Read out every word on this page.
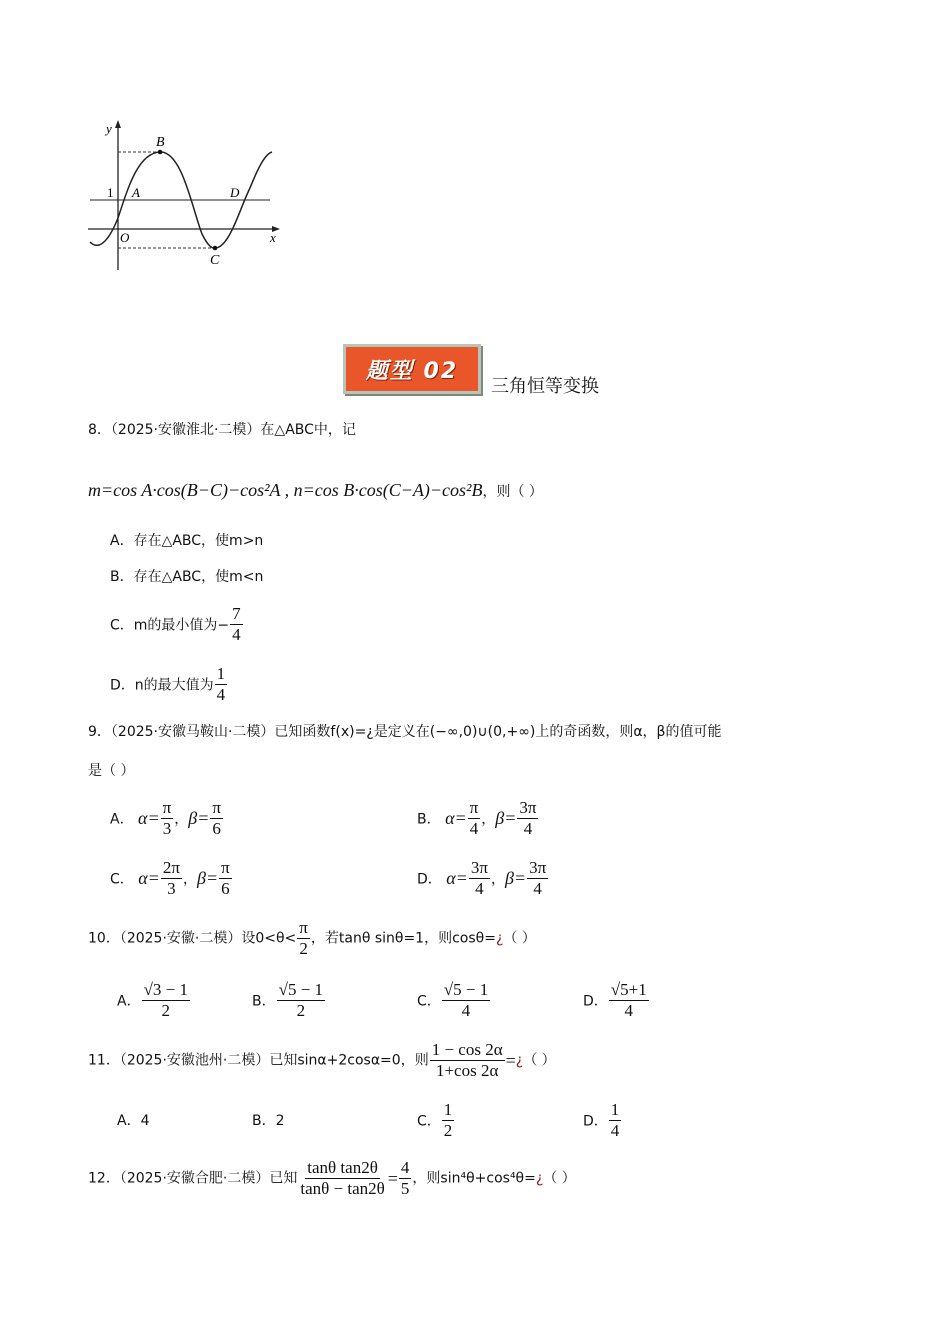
y
x
O
1 A
B
C
D
题型 02
三角恒等变换
8．（2025·安徽淮北·二模）在△ABC中，记
m=cos A·cos(B−C)−cos²A , n=cos B·cos(C−A)−cos²B，则（ ）
A．存在△ABC，使m>n
B．存在△ABC，使m<n
C．m的最小值为− $\frac{7}{4}$
D．n的最大值为 $\frac{1}{4}$
9．（2025·安徽马鞍山·二模）已知函数f(x)=¿是定义在(−∞,0)∪(0,+∞)上的奇函数，则α，β的值可能
是（ ）
A． $\alpha= \frac{\pi}{3}$ ，$\beta= \frac{\pi}{6}$	B． $\alpha= \frac{\pi}{4}$ ，$\beta= \frac{3\pi}{4}$
C． $\alpha= \frac{2\pi}{3}$ ，$\beta= \frac{\pi}{6}$	D． $\alpha= \frac{3\pi}{4}$ ，$\beta= \frac{3\pi}{4}$
10．（2025·安徽·二模）设$0<\theta< \frac{\pi}{2}$ ，若tanθ sinθ=1，则cosθ=¿（ ）
A． $\frac{√3 - 1}{2}$	B． $\frac{√5 - 1}{2}$	C． $\frac{√5 - 1}{4}$	D． $\frac{√5+1}{4}$
11．（2025·安徽池州·二模）已知sinα+2cosα=0，则 $\frac{1 - \cos 2\alpha}{1+\cos 2\alpha}$ =¿（ ）
A．4	B．2	C． $\frac{1}{2}$	D． $\frac{1}{4}$
12．（2025·安徽合肥·二模）已知 $\frac{\text{tanθ tan2θ}}{\tan\theta - \tan 2\theta} = \frac{4}{5}$ ，则sin⁴θ+cos⁴θ=¿（ ）
